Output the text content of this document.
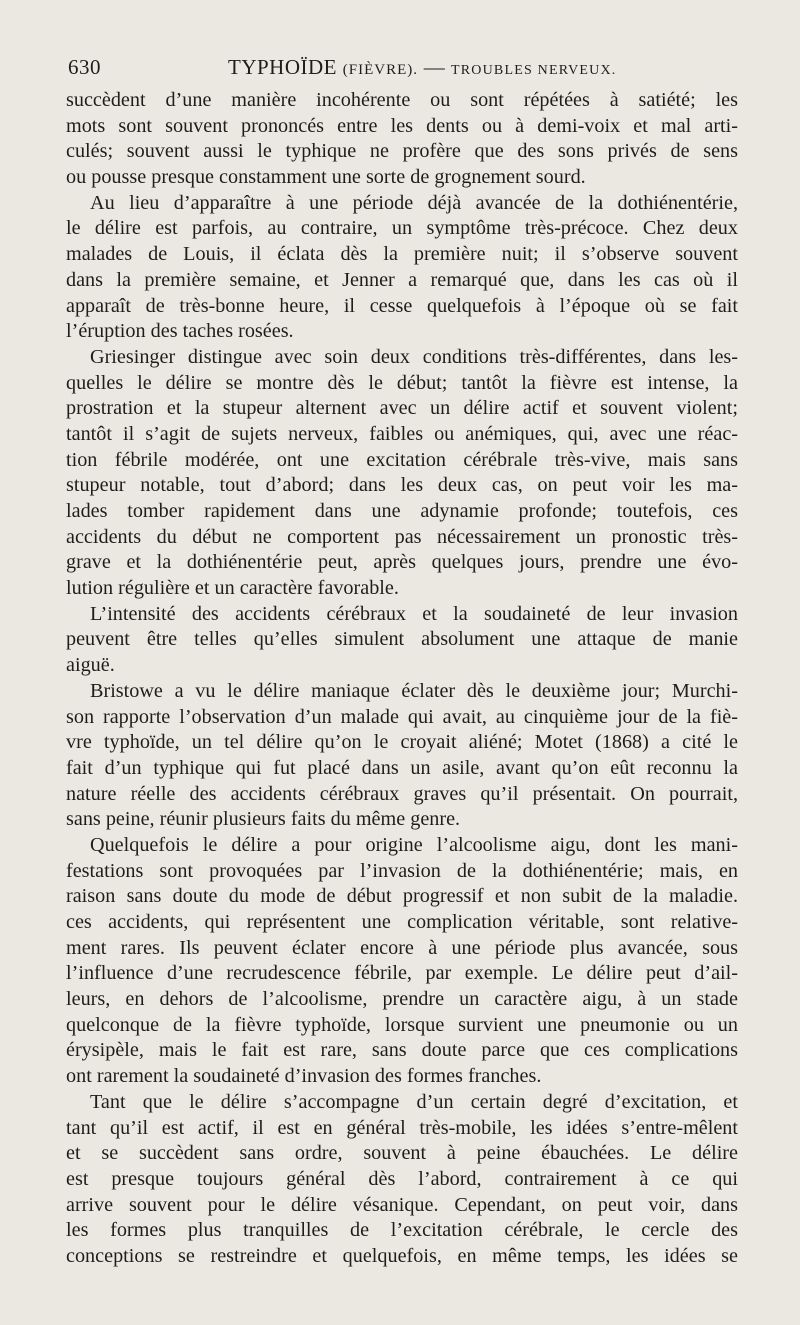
630	TYPHOÏDE (FIÈVRE). — TROUBLES NERVEUX.
succèdent d’une manière incohérente ou sont répétées à satiété; les
mots sont souvent prononcés entre les dents ou à demi-voix et mal arti-
culés; souvent aussi le typhique ne profère que des sons privés de sens
ou pousse presque constamment une sorte de grognement sourd.
Au lieu d’apparaître à une période déjà avancée de la dothiénentérie,
le délire est parfois, au contraire, un symptôme très-précoce. Chez deux
malades de Louis, il éclata dès la première nuit; il s’observe souvent
dans la première semaine, et Jenner a remarqué que, dans les cas où il
apparaît de très-bonne heure, il cesse quelquefois à l’époque où se fait
l’éruption des taches rosées.
Griesinger distingue avec soin deux conditions très-différentes, dans les-
quelles le délire se montre dès le début; tantôt la fièvre est intense, la
prostration et la stupeur alternent avec un délire actif et souvent violent;
tantôt il s’agit de sujets nerveux, faibles ou anémiques, qui, avec une réac-
tion fébrile modérée, ont une excitation cérébrale très-vive, mais sans
stupeur notable, tout d’abord; dans les deux cas, on peut voir les ma-
lades tomber rapidement dans une adynamie profonde; toutefois, ces
accidents du début ne comportent pas nécessairement un pronostic très-
grave et la dothiénentérie peut, après quelques jours, prendre une évo-
lution régulière et un caractère favorable.
L’intensité des accidents cérébraux et la soudaineté de leur invasion
peuvent être telles qu’elles simulent absolument une attaque de manie
aiguë.
Bristowe a vu le délire maniaque éclater dès le deuxième jour; Murchi-
son rapporte l’observation d’un malade qui avait, au cinquième jour de la fiè-
vre typhoïde, un tel délire qu’on le croyait aliéné; Motet (1868) a cité le
fait d’un typhique qui fut placé dans un asile, avant qu’on eût reconnu la
nature réelle des accidents cérébraux graves qu’il présentait. On pourrait,
sans peine, réunir plusieurs faits du même genre.
Quelquefois le délire a pour origine l’alcoolisme aigu, dont les mani-
festations sont provoquées par l’invasion de la dothiénentérie; mais, en
raison sans doute du mode de début progressif et non subit de la maladie.
ces accidents, qui représentent une complication véritable, sont relative-
ment rares. Ils peuvent éclater encore à une période plus avancée, sous
l’influence d’une recrudescence fébrile, par exemple. Le délire peut d’ail-
leurs, en dehors de l’alcoolisme, prendre un caractère aigu, à un stade
quelconque de la fièvre typhoïde, lorsque survient une pneumonie ou un
érysipèle, mais le fait est rare, sans doute parce que ces complications
ont rarement la soudaineté d’invasion des formes franches.
Tant que le délire s’accompagne d’un certain degré d’excitation, et
tant qu’il est actif, il est en général très-mobile, les idées s’entre-mêlent
et se succèdent sans ordre, souvent à peine ébauchées. Le délire
est presque toujours général dès l’abord, contrairement à ce qui
arrive souvent pour le délire vésanique. Cependant, on peut voir, dans
les formes plus tranquilles de l’excitation cérébrale, le cercle des
conceptions se restreindre et quelquefois, en même temps, les idées se
